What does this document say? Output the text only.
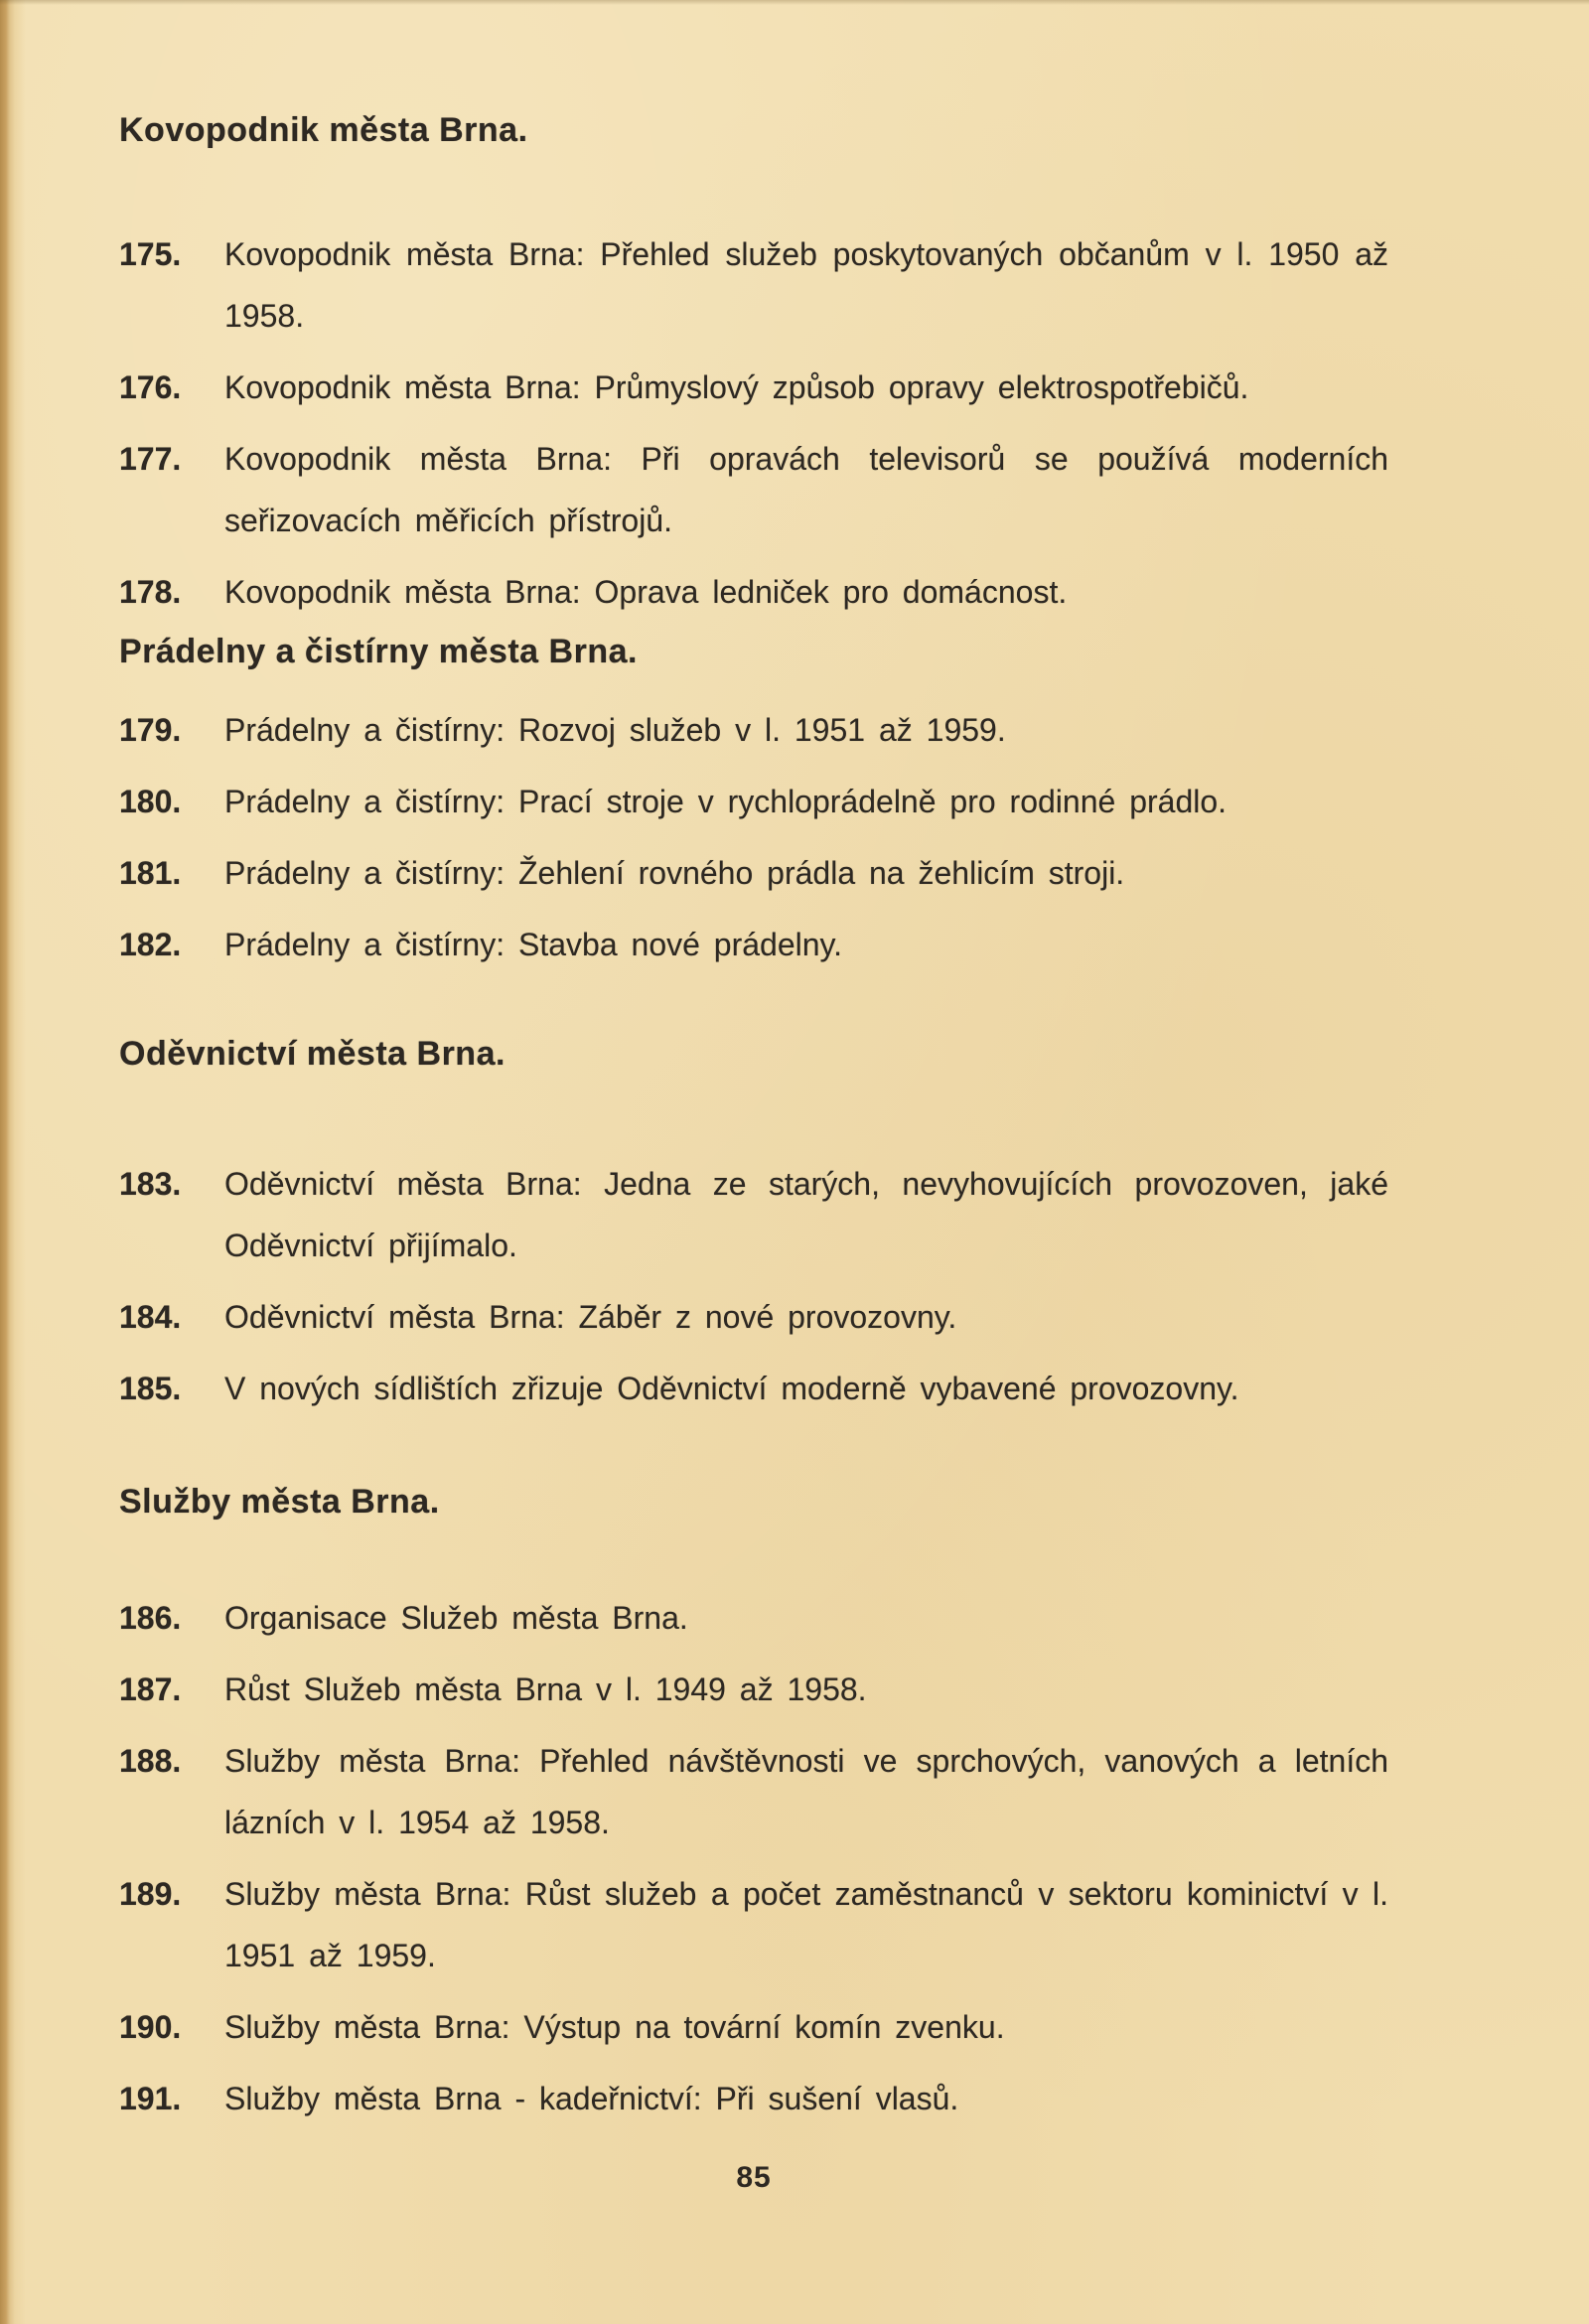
Kovopodnik města Brna.
175.	Kovopodnik města Brna: Přehled služeb poskytovaných občanům v l. 1950 až 1958.
176.	Kovopodnik města Brna: Průmyslový způsob opravy elektrospotřebičů.
177.	Kovopodnik města Brna: Při opravách televisorů se používá moderních seřizovacích měřicích přístrojů.
178.	Kovopodnik města Brna: Oprava ledniček pro domácnost.
Prádelny a čistírny města Brna.
179.	Prádelny a čistírny: Rozvoj služeb v l. 1951 až 1959.
180.	Prádelny a čistírny: Prací stroje v rychloprádelně pro rodinné prádlo.
181.	Prádelny a čistírny: Žehlení rovného prádla na žehlicím stroji.
182.	Prádelny a čistírny: Stavba nové prádelny.
Oděvnictví města Brna.
183.	Oděvnictví města Brna: Jedna ze starých, nevyhovujících provozoven, jaké Oděvnictví přijímalo.
184.	Oděvnictví města Brna: Záběr z nové provozovny.
185.	V nových sídlištích zřizuje Oděvnictví moderně vybavené provozovny.
Služby města Brna.
186.	Organisace Služeb města Brna.
187.	Růst Služeb města Brna v l. 1949 až 1958.
188.	Služby města Brna: Přehled návštěvnosti ve sprchových, vanových a letních lázních v l. 1954 až 1958.
189.	Služby města Brna: Růst služeb a počet zaměstnanců v sektoru kominictví v l. 1951 až 1959.
190.	Služby města Brna: Výstup na tovární komín zvenku.
191.	Služby města Brna - kadeřnictví: Při sušení vlasů.
85
